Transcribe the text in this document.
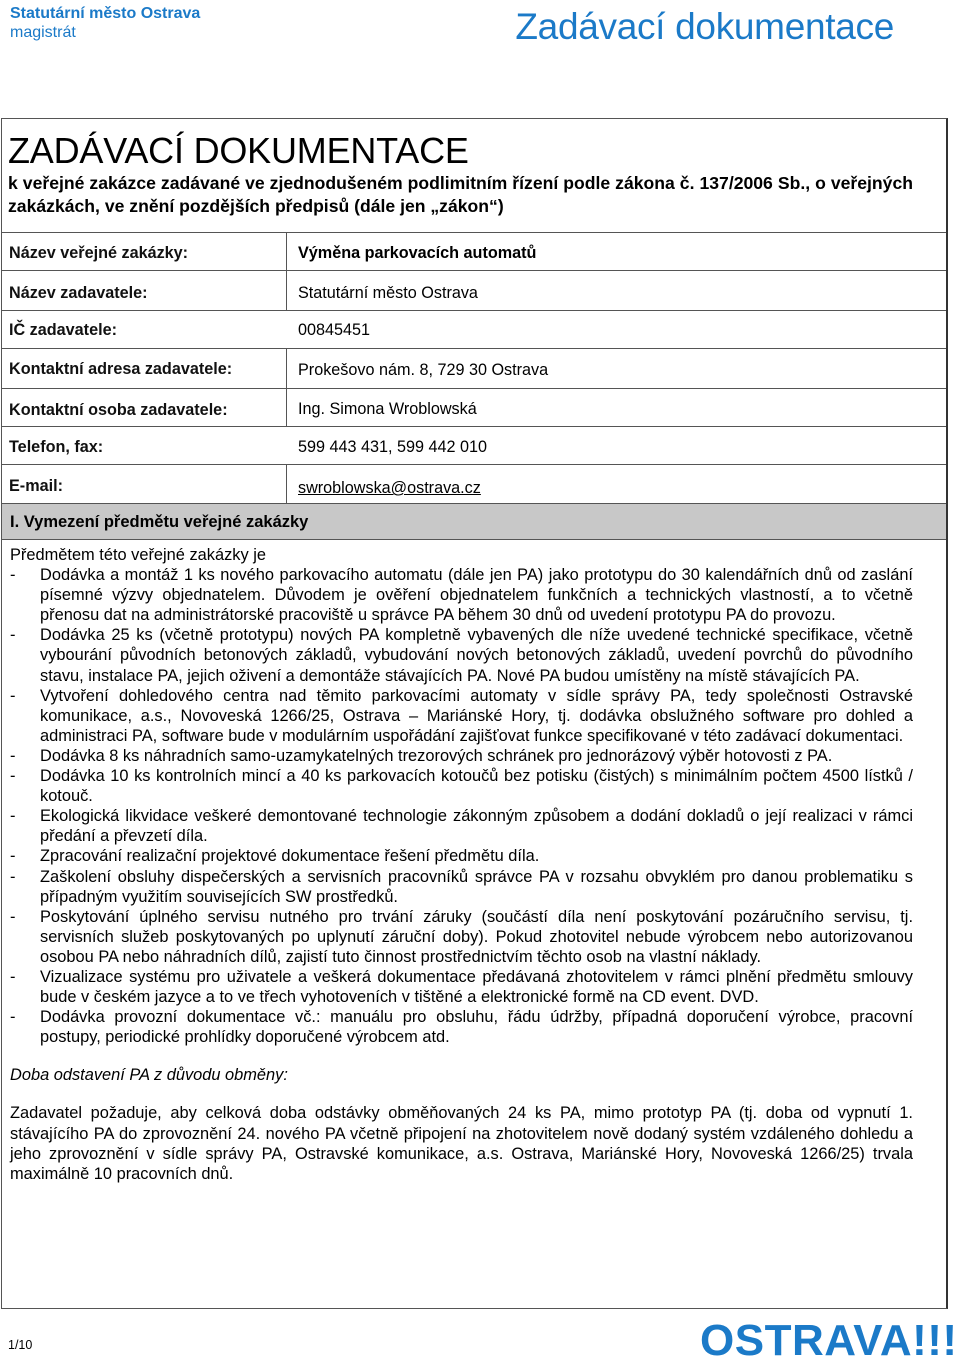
Statutární město Ostrava
magistrát	Zadávací dokumentace
ZADÁVACÍ DOKUMENTACE
k veřejné zakázce zadávané ve zjednodušeném podlimitním řízení podle zákona č. 137/2006 Sb., o veřejných zakázkách, ve znění pozdějších předpisů (dále jen „zákon“)
Název veřejné zakázky:	Výměna parkovacích automatů
Název zadavatele:	Statutární město Ostrava
IČ zadavatele:	00845451
Kontaktní adresa zadavatele:	Prokešovo nám. 8, 729 30 Ostrava
Kontaktní osoba zadavatele:	Ing. Simona Wroblowská
Telefon, fax:	599 443 431, 599 442 010
E-mail:	swroblowska@ostrava.cz
I. Vymezení předmětu veřejné zakázky

Předmětem této veřejné zakázky je

- Dodávka a montáž 1 ks nového parkovacího automatu (dále jen PA) jako prototypu do 30 kalendářních dnů od zaslání písemné výzvy objednatelem. Důvodem je ověření objednatelem funkčních a technických vlastností, a to včetně přenosu dat na administrátorské pracoviště u správce PA během 30 dnů od uvedení prototypu PA do provozu.
- Dodávka 25 ks (včetně prototypu) nových PA kompletně vybavených dle níže uvedené technické specifikace, včetně vybourání původních betonových základů, vybudování nových betonových základů, uvedení povrchů do původního stavu, instalace PA, jejich oživení a demontáže stávajících PA. Nové PA budou umístěny na místě stávajících PA.
- Vytvoření dohledového centra nad těmito parkovacími automaty v sídle správy PA, tedy společnosti Ostravské komunikace, a.s., Novoveská 1266/25, Ostrava – Mariánské Hory, tj. dodávka obslužného software pro dohled a administraci PA, software bude v modulárním uspořádání zajišťovat funkce specifikované v této zadávací dokumentaci.
- Dodávka 8 ks náhradních samo-uzamykatelných trezorových schránek pro jednorázový výběr hotovosti z PA.
- Dodávka 10 ks kontrolních mincí a 40 ks parkovacích kotoučů bez potisku (čistých) s minimálním počtem 4500 lístků / kotouč.
- Ekologická likvidace veškeré demontované technologie zákonným způsobem a dodání dokladů o její realizaci v rámci předání a převzetí díla.
- Zpracování realizační projektové dokumentace řešení předmětu díla.
- Zaškolení obsluhy dispečerských a servisních pracovníků správce PA v rozsahu obvyklém pro danou problematiku s případným využitím souvisejících SW prostředků.
- Poskytování úplného servisu nutného pro trvání záruky (součástí díla není poskytování pozáručního servisu, tj. servisních služeb poskytovaných po uplynutí záruční doby). Pokud zhotovitel nebude výrobcem nebo autorizovanou osobou PA nebo náhradních dílů, zajistí tuto činnost prostřednictvím těchto osob na vlastní náklady.
- Vizualizace systému pro uživatele a veškerá dokumentace předávaná zhotovitelem v rámci plnění předmětu smlouvy bude v českém jazyce a to ve třech vyhotoveních v tištěné a elektronické formě na CD event. DVD.
- Dodávka provozní dokumentace vč.: manuálu pro obsluhu, řádu údržby, případná doporučení výrobce, pracovní postupy, periodické prohlídky doporučené výrobcem atd.

Doba odstavení PA z důvodu obměny:

Zadavatel požaduje, aby celková doba odstávky obměňovaných 24 ks PA, mimo prototyp PA (tj. doba od vypnutí 1. stávajícího PA do zprovoznění 24. nového PA včetně připojení na zhotovitelem nově dodaný systém vzdáleného dohledu a jeho zprovoznění v sídle správy PA, Ostravské komunikace, a.s. Ostrava, Mariánské Hory, Novoveská 1266/25) trvala maximálně 10 pracovních dnů.

1/10	OSTRAVA!!!
